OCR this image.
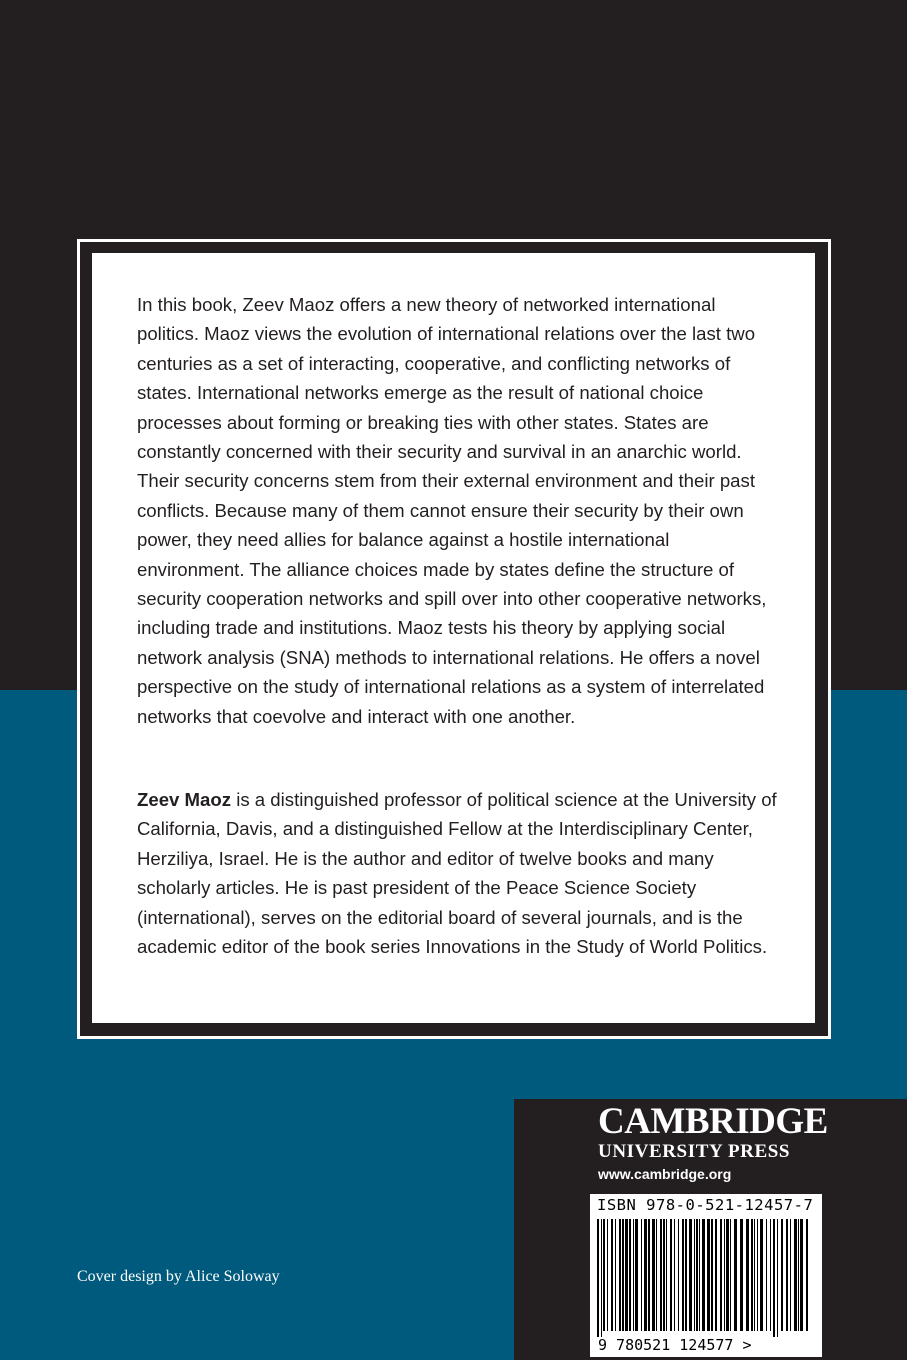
In this book, Zeev Maoz offers a new theory of networked international politics. Maoz views the evolution of international relations over the last two centuries as a set of interacting, cooperative, and conflicting networks of states. International networks emerge as the result of national choice processes about forming or breaking ties with other states. States are constantly concerned with their security and survival in an anarchic world. Their security concerns stem from their external environment and their past conflicts. Because many of them cannot ensure their security by their own power, they need allies for balance against a hostile international environment. The alliance choices made by states define the structure of security cooperation networks and spill over into other cooperative networks, including trade and institutions. Maoz tests his theory by applying social network analysis (SNA) methods to international relations. He offers a novel perspective on the study of international relations as a system of interrelated networks that coevolve and interact with one another.

Zeev Maoz is a distinguished professor of political science at the University of California, Davis, and a distinguished Fellow at the Interdisciplinary Center, Herziliya, Israel. He is the author and editor of twelve books and many scholarly articles. He is past president of the Peace Science Society (international), serves on the editorial board of several journals, and is the academic editor of the book series Innovations in the Study of World Politics.

Cover design by Alice Soloway
CAMBRIDGE
UNIVERSITY PRESS
www.cambridge.org
ISBN 978-0-521-12457-7
9 780521 124577 >
